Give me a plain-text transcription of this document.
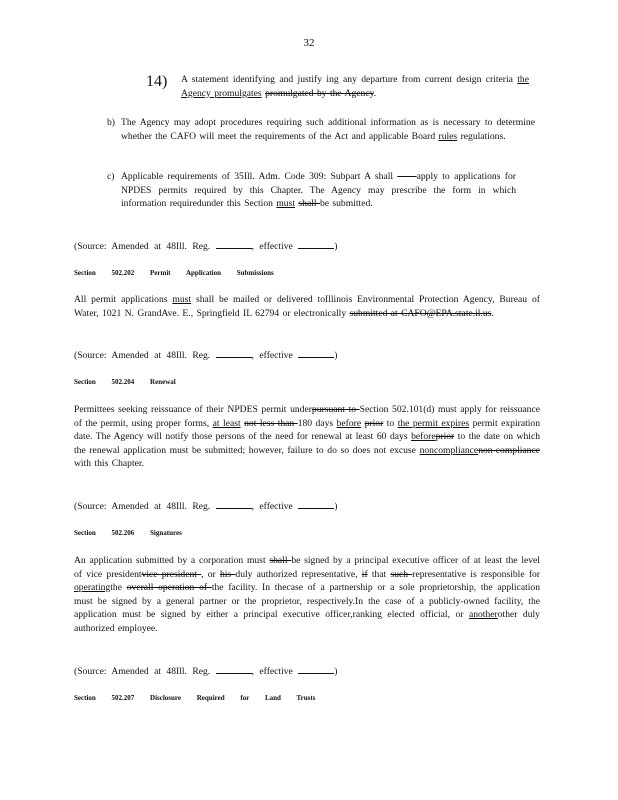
32
14) A statement identifying and justify ing any departure from current design criteria the Agency promulgates promulgated by the Agency.
b) The Agency may adopt procedures requiring such additional information as is necessary to determine whether the CAFO will meet the requirements of the Act and applicable Board rules regulations.
c) Applicable requirements of 35Ill. Adm. Code 309: Subpart A shall ——apply to applications for NPDES permits required by this Chapter. The Agency may prescribe the form in which information requiredunder this Section must shall be submitted.
(Source: Amended at 48Ill. Reg.	, effective	)
Section 502.202 Permit Application Submissions
All permit applications must shall be mailed or delivered toIllinois Environmental Protection Agency, Bureau of Water, 1021 N. GrandAve. E., Springfield IL 62794 or electronically submitted at CAFO@EPA.state.il.us.
(Source: Amended at 48Ill. Reg.	, effective	)
Section 502.204 Renewal
Permittees seeking reissuance of their NPDES permit underpursuant to Section 502.101(d) must apply for reissuance of the permit, using proper forms, at least not less than 180 days before prior to the permit expires permit expiration date. The Agency will notify those persons of the need for renewal at least 60 days beforeprior to the date on which the renewal application must be submitted; however, failure to do so does not excuse noncompliancenon-compliance with this Chapter.
(Source: Amended at 48Ill. Reg.	, effective	)
Section 502.206 Signatures
An application submitted by a corporation must shall be signed by a principal executive officer of at least the level of vice presidentvice president , or his duly authorized representative, if that such representative is responsible for operatingthe overall operation of the facility. In thecase of a partnership or a sole proprietorship, the application must be signed by a general partner or the proprietor, respectively.In the case of a publicly-owned facility, the application must be signed by either a principal executive officer,ranking elected official, or anotherother duly authorized employee.
(Source: Amended at 48Ill. Reg.	, effective	)
Section 502.207 Disclosure Required for Land Trusts
